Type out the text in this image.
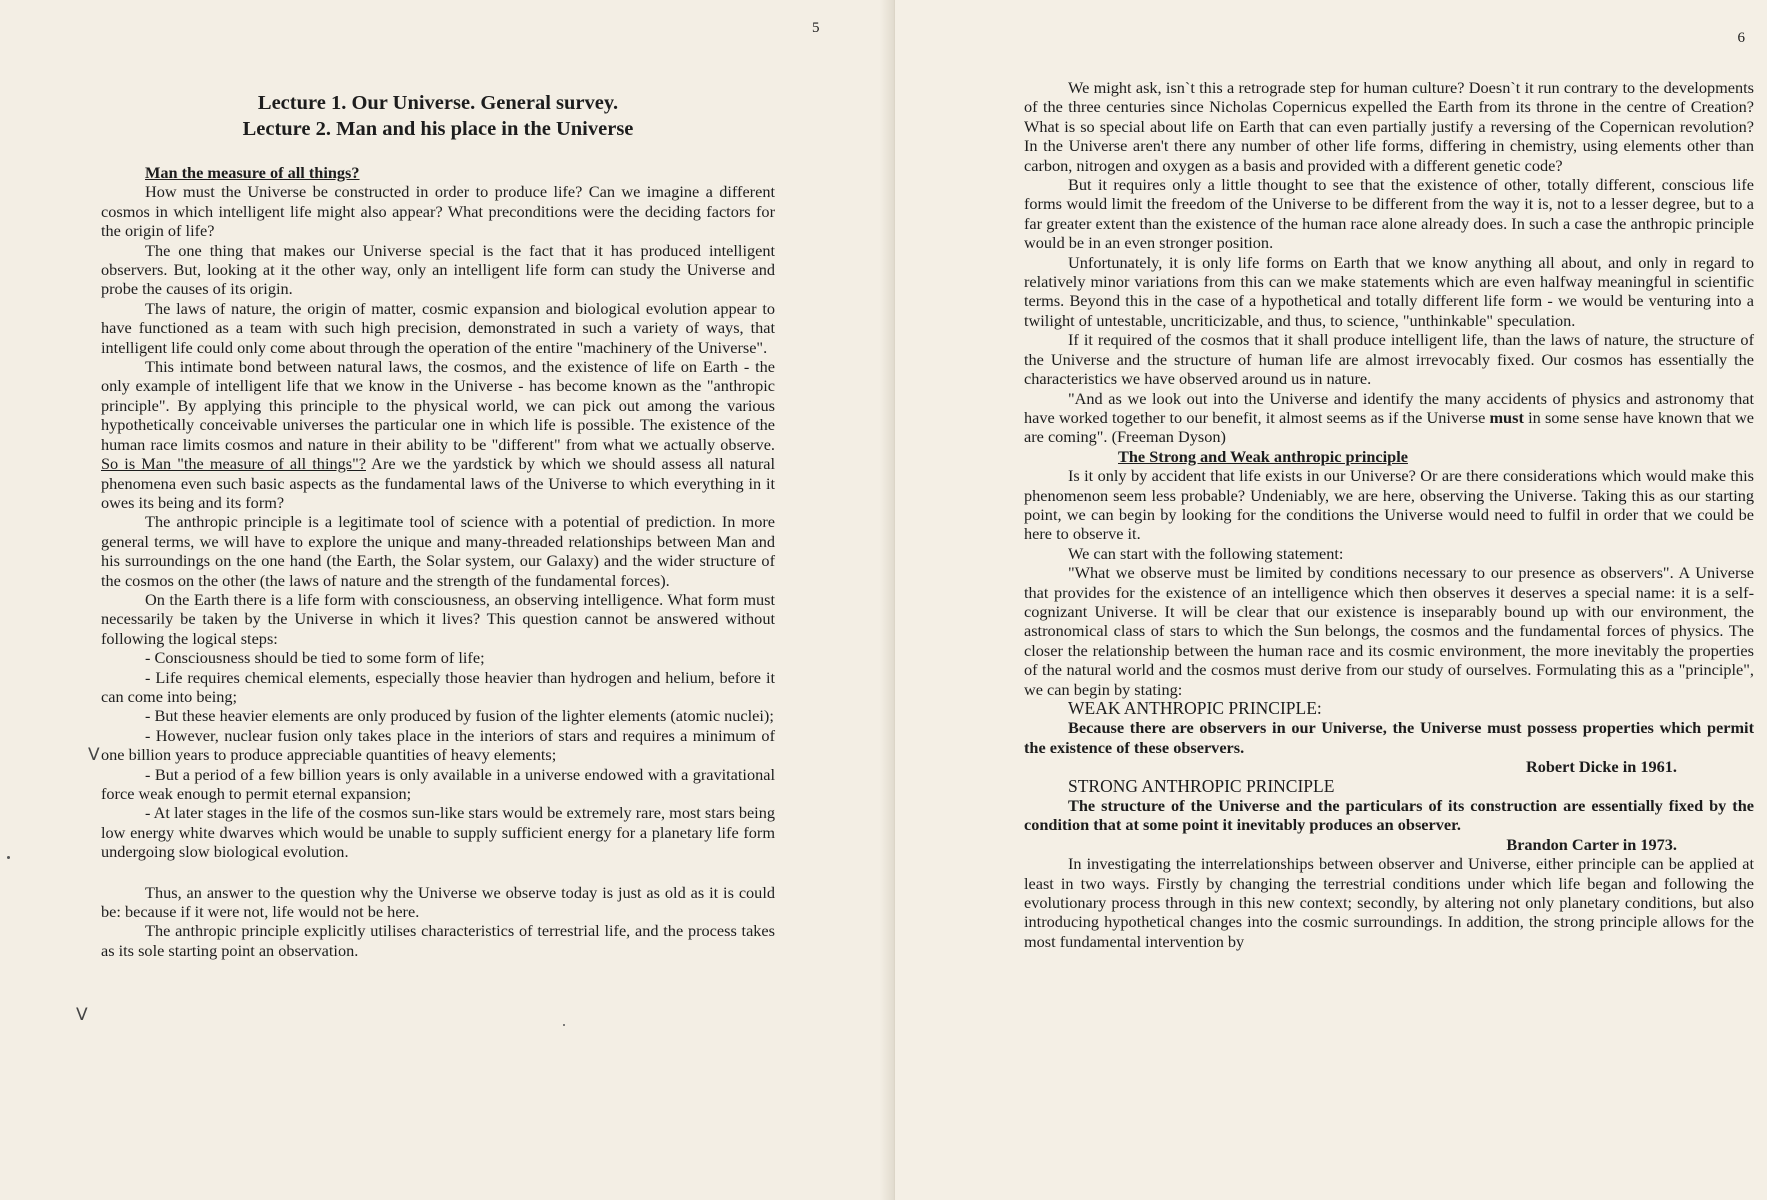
5
Lecture 1. Our Universe. General survey.
Lecture 2. Man and his place in the Universe

Man the measure of all things?

How must the Universe be constructed in order to produce life? Can we imagine a different cosmos in which intelligent life might also appear? What preconditions were the deciding factors for the origin of life?

The one thing that makes our Universe special is the fact that it has produced intelligent observers. But, looking at it the other way, only an intelligent life form can study the Universe and probe the causes of its origin.

The laws of nature, the origin of matter, cosmic expansion and biological evolution appear to have functioned as a team with such high precision, demonstrated in such a variety of ways, that intelligent life could only come about through the operation of the entire "machinery of the Universe".

This intimate bond between natural laws, the cosmos, and the existence of life on Earth - the only example of intelligent life that we know in the Universe - has become known as the "anthropic principle". By applying this principle to the physical world, we can pick out among the various hypothetically conceivable universes the particular one in which life is possible. The existence of the human race limits cosmos and nature in their ability to be "different" from what we actually observe. So is Man "the measure of all things"? Are we the yardstick by which we should assess all natural phenomena even such basic aspects as the fundamental laws of the Universe to which everything in it owes its being and its form?

The anthropic principle is a legitimate tool of science with a potential of prediction. In more general terms, we will have to explore the unique and many-threaded relationships between Man and his surroundings on the one hand (the Earth, the Solar system, our Galaxy) and the wider structure of the cosmos on the other (the laws of nature and the strength of the fundamental forces).

On the Earth there is a life form with consciousness, an observing intelligence. What form must necessarily be taken by the Universe in which it lives? This question cannot be answered without following the logical steps:

- Consciousness should be tied to some form of life;

- Life requires chemical elements, especially those heavier than hydrogen and helium, before it can come into being;

- But these heavier elements are only produced by fusion of the lighter elements (atomic nuclei);

- However, nuclear fusion only takes place in the interiors of stars and requires a minimum of one billion years to produce appreciable quantities of heavy elements;

- But a period of a few billion years is only available in a universe endowed with a gravitational force weak enough to permit eternal expansion;

- At later stages in the life of the cosmos sun-like stars would be extremely rare, most stars being low energy white dwarves which would be unable to supply sufficient energy for a planetary life form undergoing slow biological evolution.

Thus, an answer to the question why the Universe we observe today is just as old as it is could be: because if it were not, life would not be here.

The anthropic principle explicitly utilises characteristics of terrestrial life, and the process takes as its sole starting point an observation.

V
V
6

We might ask, isn`t this a retrograde step for human culture? Doesn`t it run contrary to the developments of the three centuries since Nicholas Copernicus expelled the Earth from its throne in the centre of Creation? What is so special about life on Earth that can even partially justify a reversing of the Copernican revolution? In the Universe aren't there any number of other life forms, differing in chemistry, using elements other than carbon, nitrogen and oxygen as a basis and provided with a different genetic code?

But it requires only a little thought to see that the existence of other, totally different, conscious life forms would limit the freedom of the Universe to be different from the way it is, not to a lesser degree, but to a far greater extent than the existence of the human race alone already does. In such a case the anthropic principle would be in an even stronger position.

Unfortunately, it is only life forms on Earth that we know anything all about, and only in regard to relatively minor variations from this can we make statements which are even halfway meaningful in scientific terms. Beyond this in the case of a hypothetical and totally different life form - we would be venturing into a twilight of untestable, uncriticizable, and thus, to science, "unthinkable" speculation.

If it required of the cosmos that it shall produce intelligent life, than the laws of nature, the structure of the Universe and the structure of human life are almost irrevocably fixed. Our cosmos has essentially the characteristics we have observed around us in nature.

"And as we look out into the Universe and identify the many accidents of physics and astronomy that have worked together to our benefit, it almost seems as if the Universe must in some sense have known that we are coming". (Freeman Dyson)

The Strong and Weak anthropic principle

Is it only by accident that life exists in our Universe? Or are there considerations which would make this phenomenon seem less probable? Undeniably, we are here, observing the Universe. Taking this as our starting point, we can begin by looking for the conditions the Universe would need to fulfil in order that we could be here to observe it.

We can start with the following statement:

"What we observe must be limited by conditions necessary to our presence as observers". A Universe that provides for the existence of an intelligence which then observes it deserves a special name: it is a self-cognizant Universe. It will be clear that our existence is inseparably bound up with our environment, the astronomical class of stars to which the Sun belongs, the cosmos and the fundamental forces of physics. The closer the relationship between the human race and its cosmic environment, the more inevitably the properties of the natural world and the cosmos must derive from our study of ourselves. Formulating this as a "principle", we can begin by stating:

WEAK ANTHROPIC PRINCIPLE:

Because there are observers in our Universe, the Universe must possess properties which permit the existence of these observers.

Robert Dicke in 1961.

STRONG ANTHROPIC PRINCIPLE

The structure of the Universe and the particulars of its construction are essentially fixed by the condition that at some point it inevitably produces an observer.

Brandon Carter in 1973.

In investigating the interrelationships between observer and Universe, either principle can be applied at least in two ways. Firstly by changing the terrestrial conditions under which life began and following the evolutionary process through in this new context; secondly, by altering not only planetary conditions, but also introducing hypothetical changes into the cosmic surroundings. In addition, the strong principle allows for the most fundamental intervention by
